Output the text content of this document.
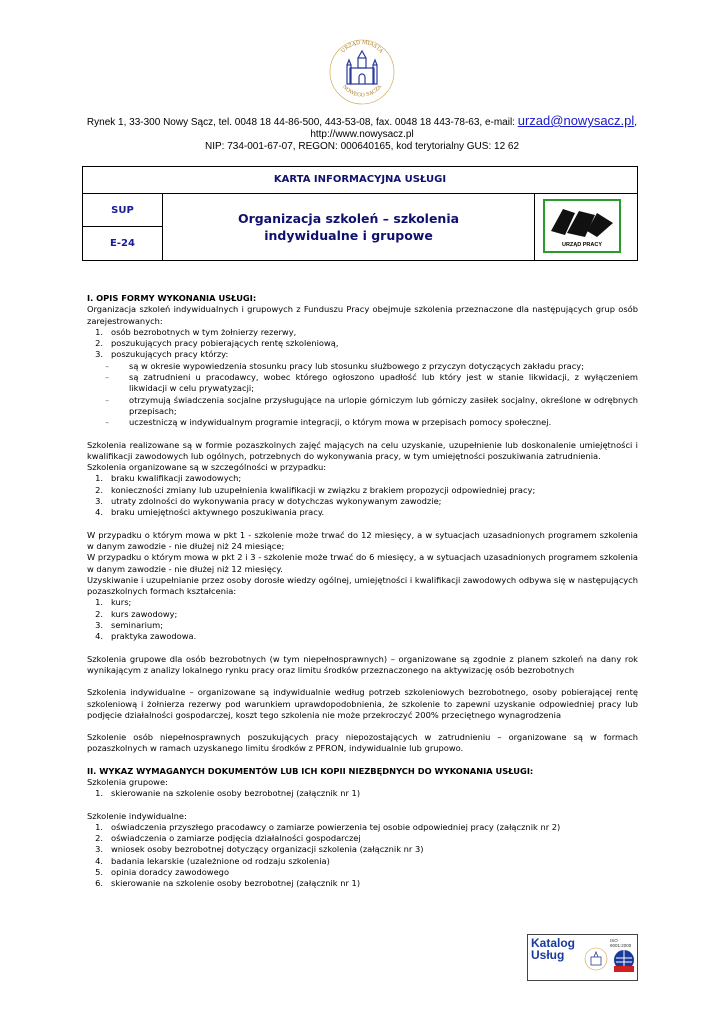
URZĄD MIASTA
NOWEGO SĄCZA
Rynek 1, 33-300 Nowy Sącz, tel. 0048 18 44-86-500, 443-53-08, fax. 0048 18 443-78-63, e-mail: urzad@nowysacz.pl,
http://www.nowysacz.pl
NIP: 734-001-67-07, REGON: 000640165, kod terytorialny GUS: 12 62
KARTA INFORMACYJNA USŁUGI
SUP
E-24
Organizacja szkoleń – szkolenia indywidualne i grupowe
URZĄD PRACY

I. OPIS FORMY WYKONANIA USŁUGI:

Organizacja szkoleń indywidualnych i grupowych z Funduszu Pracy obejmuje szkolenia przeznaczone dla następujących grup osób zarejestrowanych:

1. osób bezrobotnych w tym żołnierzy rezerwy,
2. poszukujących pracy pobierających rentę szkoleniową,
3. poszukujących pracy którzy:
– są w okresie wypowiedzenia stosunku pracy lub stosunku służbowego z przyczyn dotyczących zakładu pracy;
– są zatrudnieni u pracodawcy, wobec którego ogłoszono upadłość lub który jest w stanie likwidacji, z wyłączeniem likwidacji w celu prywatyzacji;
– otrzymują świadczenia socjalne przysługujące na urlopie górniczym lub górniczy zasiłek socjalny, określone w odrębnych przepisach;
– uczestniczą w indywidualnym programie integracji, o którym mowa w przepisach pomocy społecznej.

Szkolenia realizowane są w formie pozaszkolnych zajęć mających na celu uzyskanie, uzupełnienie lub doskonalenie umiejętności i kwalifikacji zawodowych lub ogólnych, potrzebnych do wykonywania pracy, w tym umiejętności poszukiwania zatrudnienia.

Szkolenia organizowane są w szczególności w przypadku:

1. braku kwalifikacji zawodowych;
2. konieczności zmiany lub uzupełnienia kwalifikacji w związku z brakiem propozycji odpowiedniej pracy;
3. utraty zdolności do wykonywania pracy w dotychczas wykonywanym zawodzie;
4. braku umiejętności aktywnego poszukiwania pracy.

W przypadku o którym mowa w pkt 1 - szkolenie może trwać do 12 miesięcy, a w sytuacjach uzasadnionych programem szkolenia w danym zawodzie - nie dłużej niż 24 miesiące;

W przypadku o którym mowa w pkt 2 i 3 - szkolenie może trwać do 6 miesięcy, a w sytuacjach uzasadnionych programem szkolenia w danym zawodzie - nie dłużej niż 12 miesięcy.

Uzyskiwanie i uzupełnianie przez osoby dorosłe wiedzy ogólnej, umiejętności i kwalifikacji zawodowych odbywa się w następujących pozaszkolnych formach kształcenia:

1. kurs;
2. kurs zawodowy;
3. seminarium;
4. praktyka zawodowa.

Szkolenia grupowe dla osób bezrobotnych (w tym niepełnosprawnych) – organizowane są zgodnie z planem szkoleń na dany rok wynikającym z analizy lokalnego rynku pracy oraz limitu środków przeznaczonego na aktywizację osób bezrobotnych

Szkolenia indywidualne – organizowane są indywidualnie według potrzeb szkoleniowych bezrobotnego, osoby pobierającej rentę szkoleniową i żołnierza rezerwy pod warunkiem uprawdopodobnienia, że szkolenie to zapewni uzyskanie odpowiedniej pracy lub podjęcie działalności gospodarczej, koszt tego szkolenia nie może przekroczyć 200% przeciętnego wynagrodzenia

Szkolenie osób niepełnosprawnych poszukujących pracy niepozostających w zatrudnieniu – organizowane są w formach pozaszkolnych w ramach uzyskanego limitu środków z PFRON, indywidualnie lub grupowo.

II. WYKAZ WYMAGANYCH DOKUMENTÓW LUB ICH KOPII NIEZBĘDNYCH DO WYKONANIA USŁUGI:

Szkolenia grupowe:

1. skierowanie na szkolenie osoby bezrobotnej (załącznik nr 1)

Szkolenie indywidualne:

1. oświadczenia przyszłego pracodawcy o zamiarze powierzenia tej osobie odpowiedniej pracy (załącznik nr 2)
2. oświadczenia o zamiarze podjęcia działalności gospodarczej
3. wniosek osoby bezrobotnej dotyczący organizacji szkolenia (załącznik nr 3)
4. badania lekarskie (uzależnione od rodzaju szkolenia)
5. opinia doradcy zawodowego
6. skierowanie na szkolenie osoby bezrobotnej (załącznik nr 1)
Katalog
Usług
ISO 9001:2000
